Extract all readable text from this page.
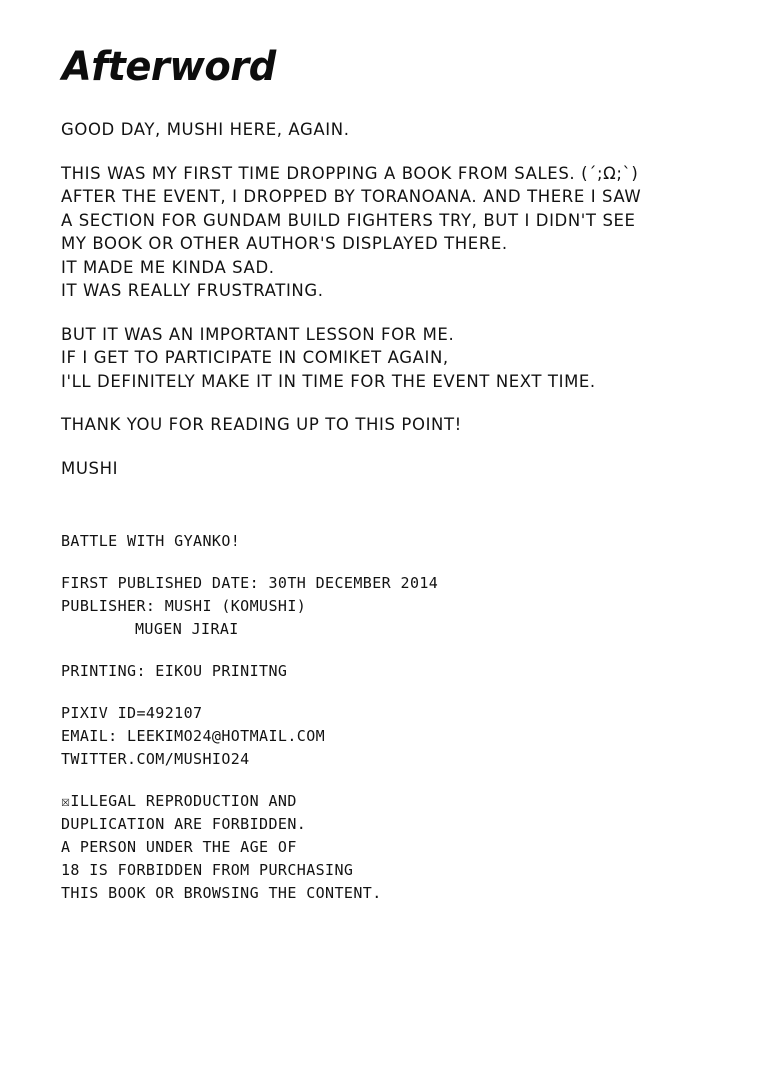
Afterword
GOOD DAY, MUSHI HERE, AGAIN.
THIS WAS MY FIRST TIME DROPPING A BOOK FROM SALES. (´;Ω;`)
AFTER THE EVENT, I DROPPED BY TORANOANA. AND THERE I SAW
A SECTION FOR GUNDAM BUILD FIGHTERS TRY, BUT I DIDN'T SEE
MY BOOK OR OTHER AUTHOR'S DISPLAYED THERE.
IT MADE ME KINDA SAD.
IT WAS REALLY FRUSTRATING.
BUT IT WAS AN IMPORTANT LESSON FOR ME.
IF I GET TO PARTICIPATE IN COMIKET AGAIN,
I'LL DEFINITELY MAKE IT IN TIME FOR THE EVENT NEXT TIME.
THANK YOU FOR READING UP TO THIS POINT!
MUSHI
BATTLE WITH GYANKO!
FIRST PUBLISHED DATE: 30TH DECEMBER 2014
PUBLISHER: MUSHI (KOMUSHI)
MUGEN JIRAI
PRINTING: EIKOU PRINITNG
PIXIV ID=492107
EMAIL: LEEKIMO24@HOTMAIL.COM
TWITTER.COM/MUSHIO24
☒ILLEGAL REPRODUCTION AND
DUPLICATION ARE FORBIDDEN.
A PERSON UNDER THE AGE OF
18 IS FORBIDDEN FROM PURCHASING
THIS BOOK OR BROWSING THE CONTENT.
